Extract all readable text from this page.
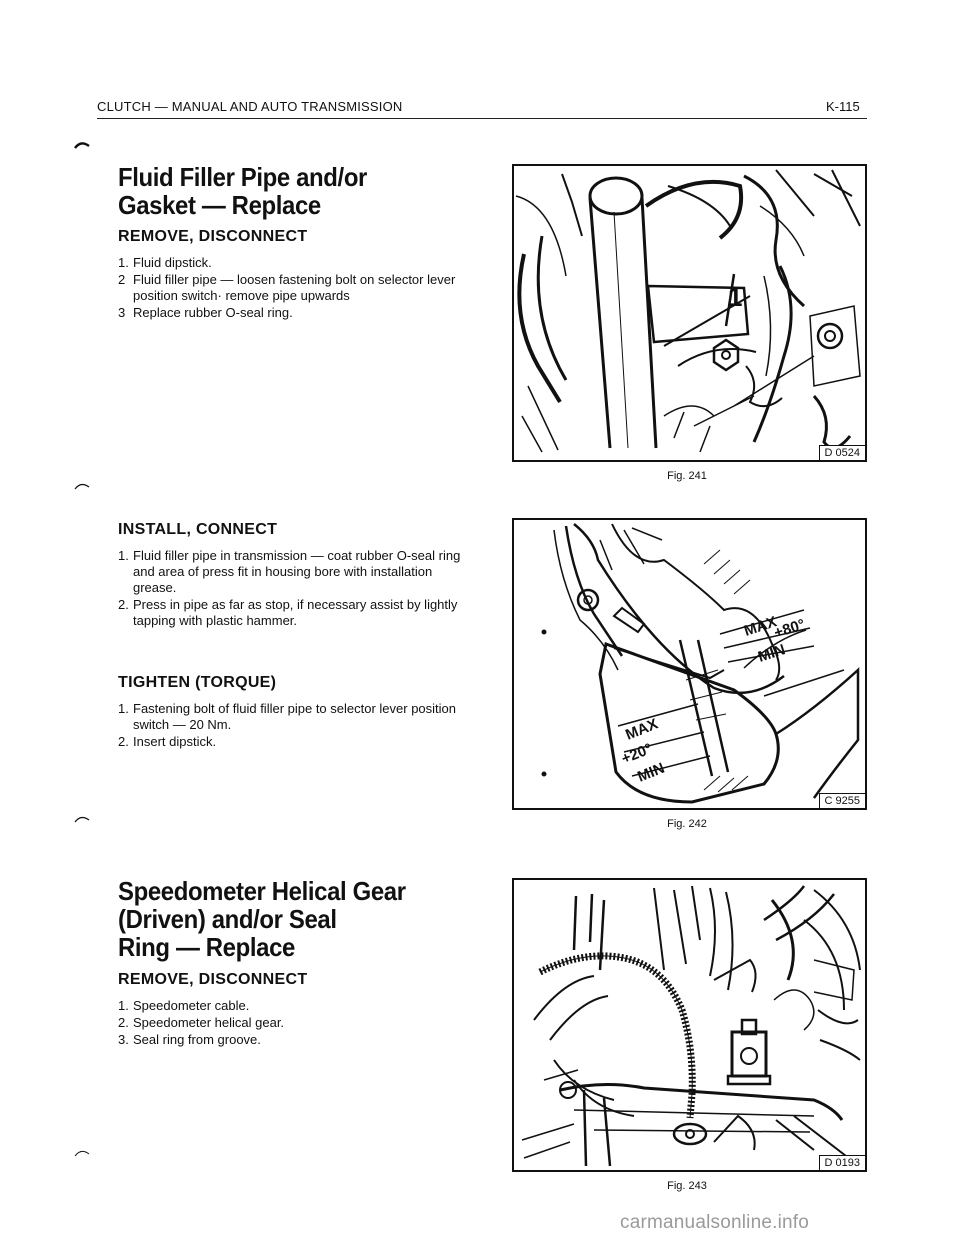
CLUTCH — MANUAL AND AUTO TRANSMISSION	K-115
Fluid Filler Pipe and/or
Gasket — Replace
REMOVE, DISCONNECT
1. Fluid dipstick.
2 Fluid filler pipe — loosen fastening bolt on selector lever position switch· remove pipe upwards
3 Replace rubber O-seal ring.
INSTALL, CONNECT
1. Fluid filler pipe in transmission — coat rubber O-seal ring and area of press fit in housing bore with installation grease.
2. Press in pipe as far as stop, if necessary assist by lightly tapping with plastic hammer.
TIGHTEN (TORQUE)
1. Fastening bolt of fluid filler pipe to selector lever position switch — 20 Nm.
2. Insert dipstick.
Speedometer Helical Gear
(Driven) and/or Seal
Ring — Replace
REMOVE, DISCONNECT
1. Speedometer cable.
2. Speedometer helical gear.
3. Seal ring from groove.
1
D 0524
Fig. 241
MAX
+80°
MIN
MAX
+20°
MIN
C 9255
Fig. 242
D 0193
Fig. 243
carmanualsonline.info
